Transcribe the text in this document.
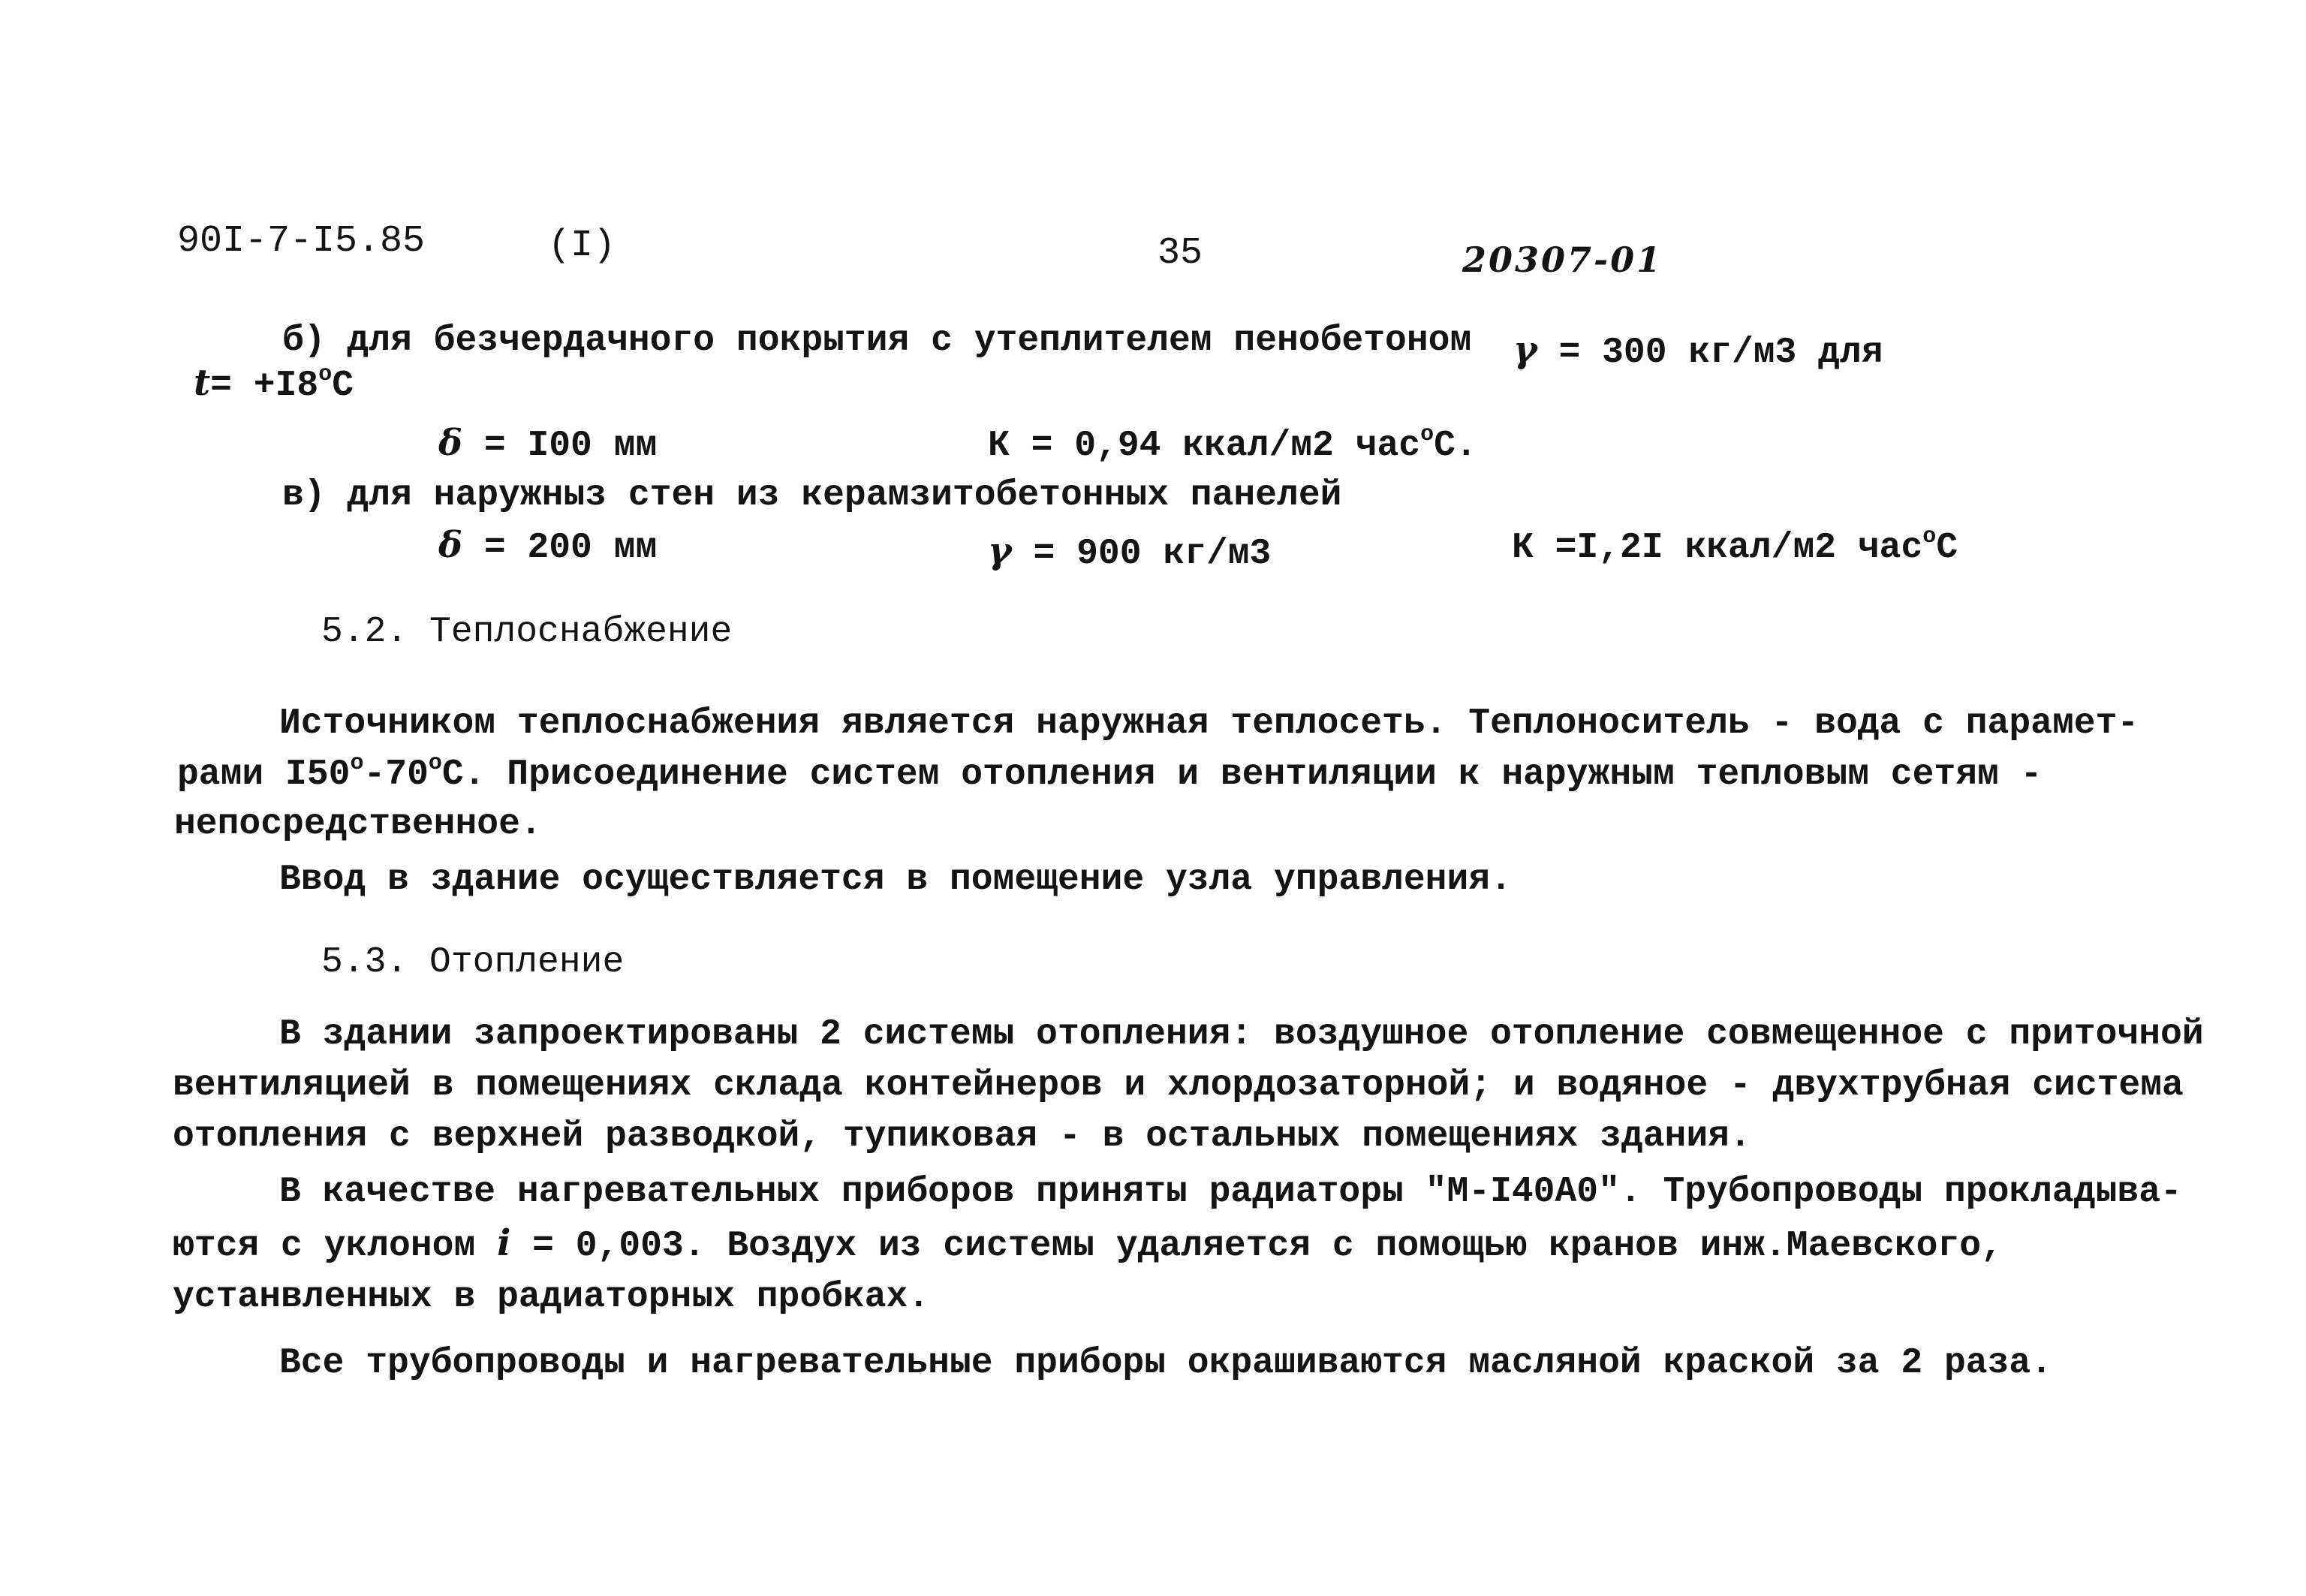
90I-7-I5.85	(I)	35	20307-01
б) для безчердачного покрытия с утеплителем пенобетоном γ = 300 кг/м3 для
$t= +I8^oC$
δ = I00 мм	К = 0,94 ккал/м2 час$^o$C.
в) для наружныз стен из керамзитобетонных панелей
δ = 200 мм	γ = 900 кг/м3	К =I,2I ккал/м2 час$^o$C
5.2. Теплоснабжение
Источником теплоснабжения является наружная теплосеть. Теплоноситель - вода с парамет-
рами I50$^o$-70$^o$С. Присоединение систем отопления и вентиляции к наружным тепловым сетям -
непосредственное.
Ввод в здание осуществляется в помещение узла управления.
5.3. Отопление
В здании запроектированы 2 системы отопления: воздушное отопление совмещенное с приточной
вентиляцией в помещениях склада контейнеров и хлордозаторной; и водяное - двухтрубная система
отопления с верхней разводкой, тупиковая - в остальных помещениях здания.
В качестве нагревательных приборов приняты радиаторы "М-I40А0". Трубопроводы прокладыва-
ются с уклоном i = 0,003. Воздух из системы удаляется с помощью кранов инж.Маевского,
устанвленных в радиаторных пробках.
Все трубопроводы и нагревательные приборы окрашиваются масляной краской за 2 раза.
